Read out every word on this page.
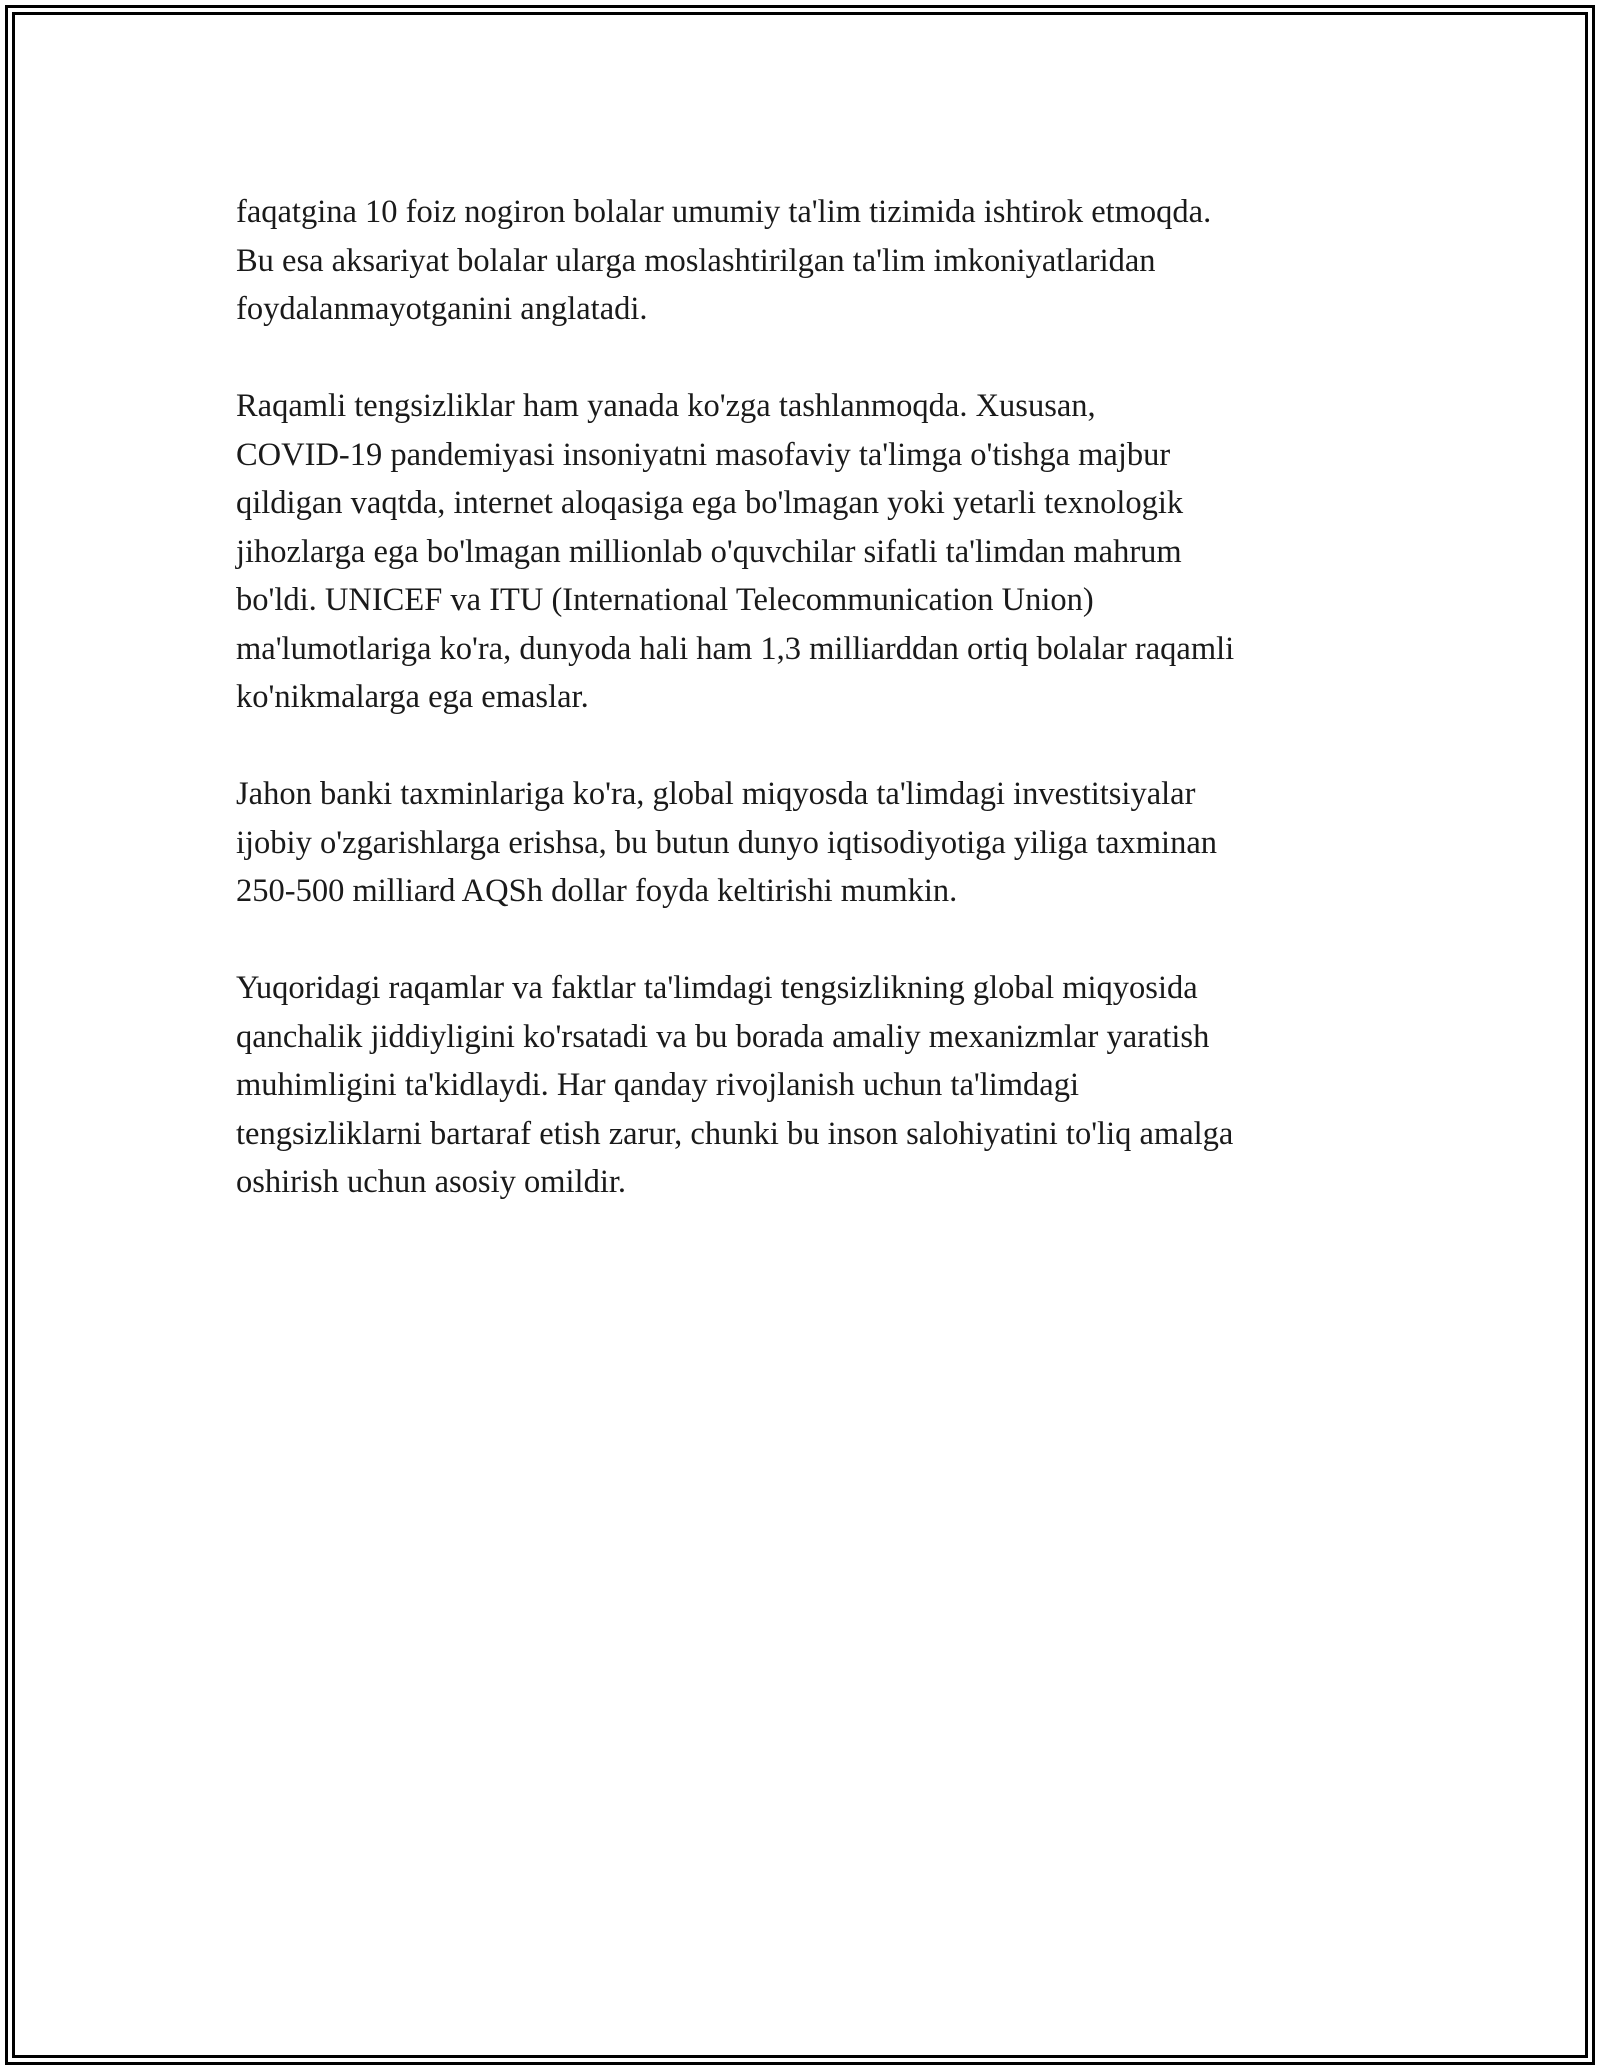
faqatgina 10 foiz nogiron bolalar umumiy ta'lim tizimida ishtirok etmoqda.
Bu esa aksariyat bolalar ularga moslashtirilgan ta'lim imkoniyatlaridan
foydalanmayotganini anglatadi.

Raqamli tengsizliklar ham yanada ko'zga tashlanmoqda. Xususan,
COVID-19 pandemiyasi insoniyatni masofaviy ta'limga o'tishga majbur
qildigan vaqtda, internet aloqasiga ega bo'lmagan yoki yetarli texnologik
jihozlarga ega bo'lmagan millionlab o'quvchilar sifatli ta'limdan mahrum
bo'ldi. UNICEF va ITU (International Telecommunication Union)
ma'lumotlariga ko'ra, dunyoda hali ham 1,3 milliarddan ortiq bolalar raqamli
ko'nikmalarga ega emaslar.

Jahon banki taxminlariga ko'ra, global miqyosda ta'limdagi investitsiyalar
ijobiy o'zgarishlarga erishsa, bu butun dunyo iqtisodiyotiga yiliga taxminan
250-500 milliard AQSh dollar foyda keltirishi mumkin.

Yuqoridagi raqamlar va faktlar ta'limdagi tengsizlikning global miqyosida
qanchalik jiddiyligini ko'rsatadi va bu borada amaliy mexanizmlar yaratish
muhimligini ta'kidlaydi. Har qanday rivojlanish uchun ta'limdagi
tengsizliklarni bartaraf etish zarur, chunki bu inson salohiyatini to'liq amalga
oshirish uchun asosiy omildir.
